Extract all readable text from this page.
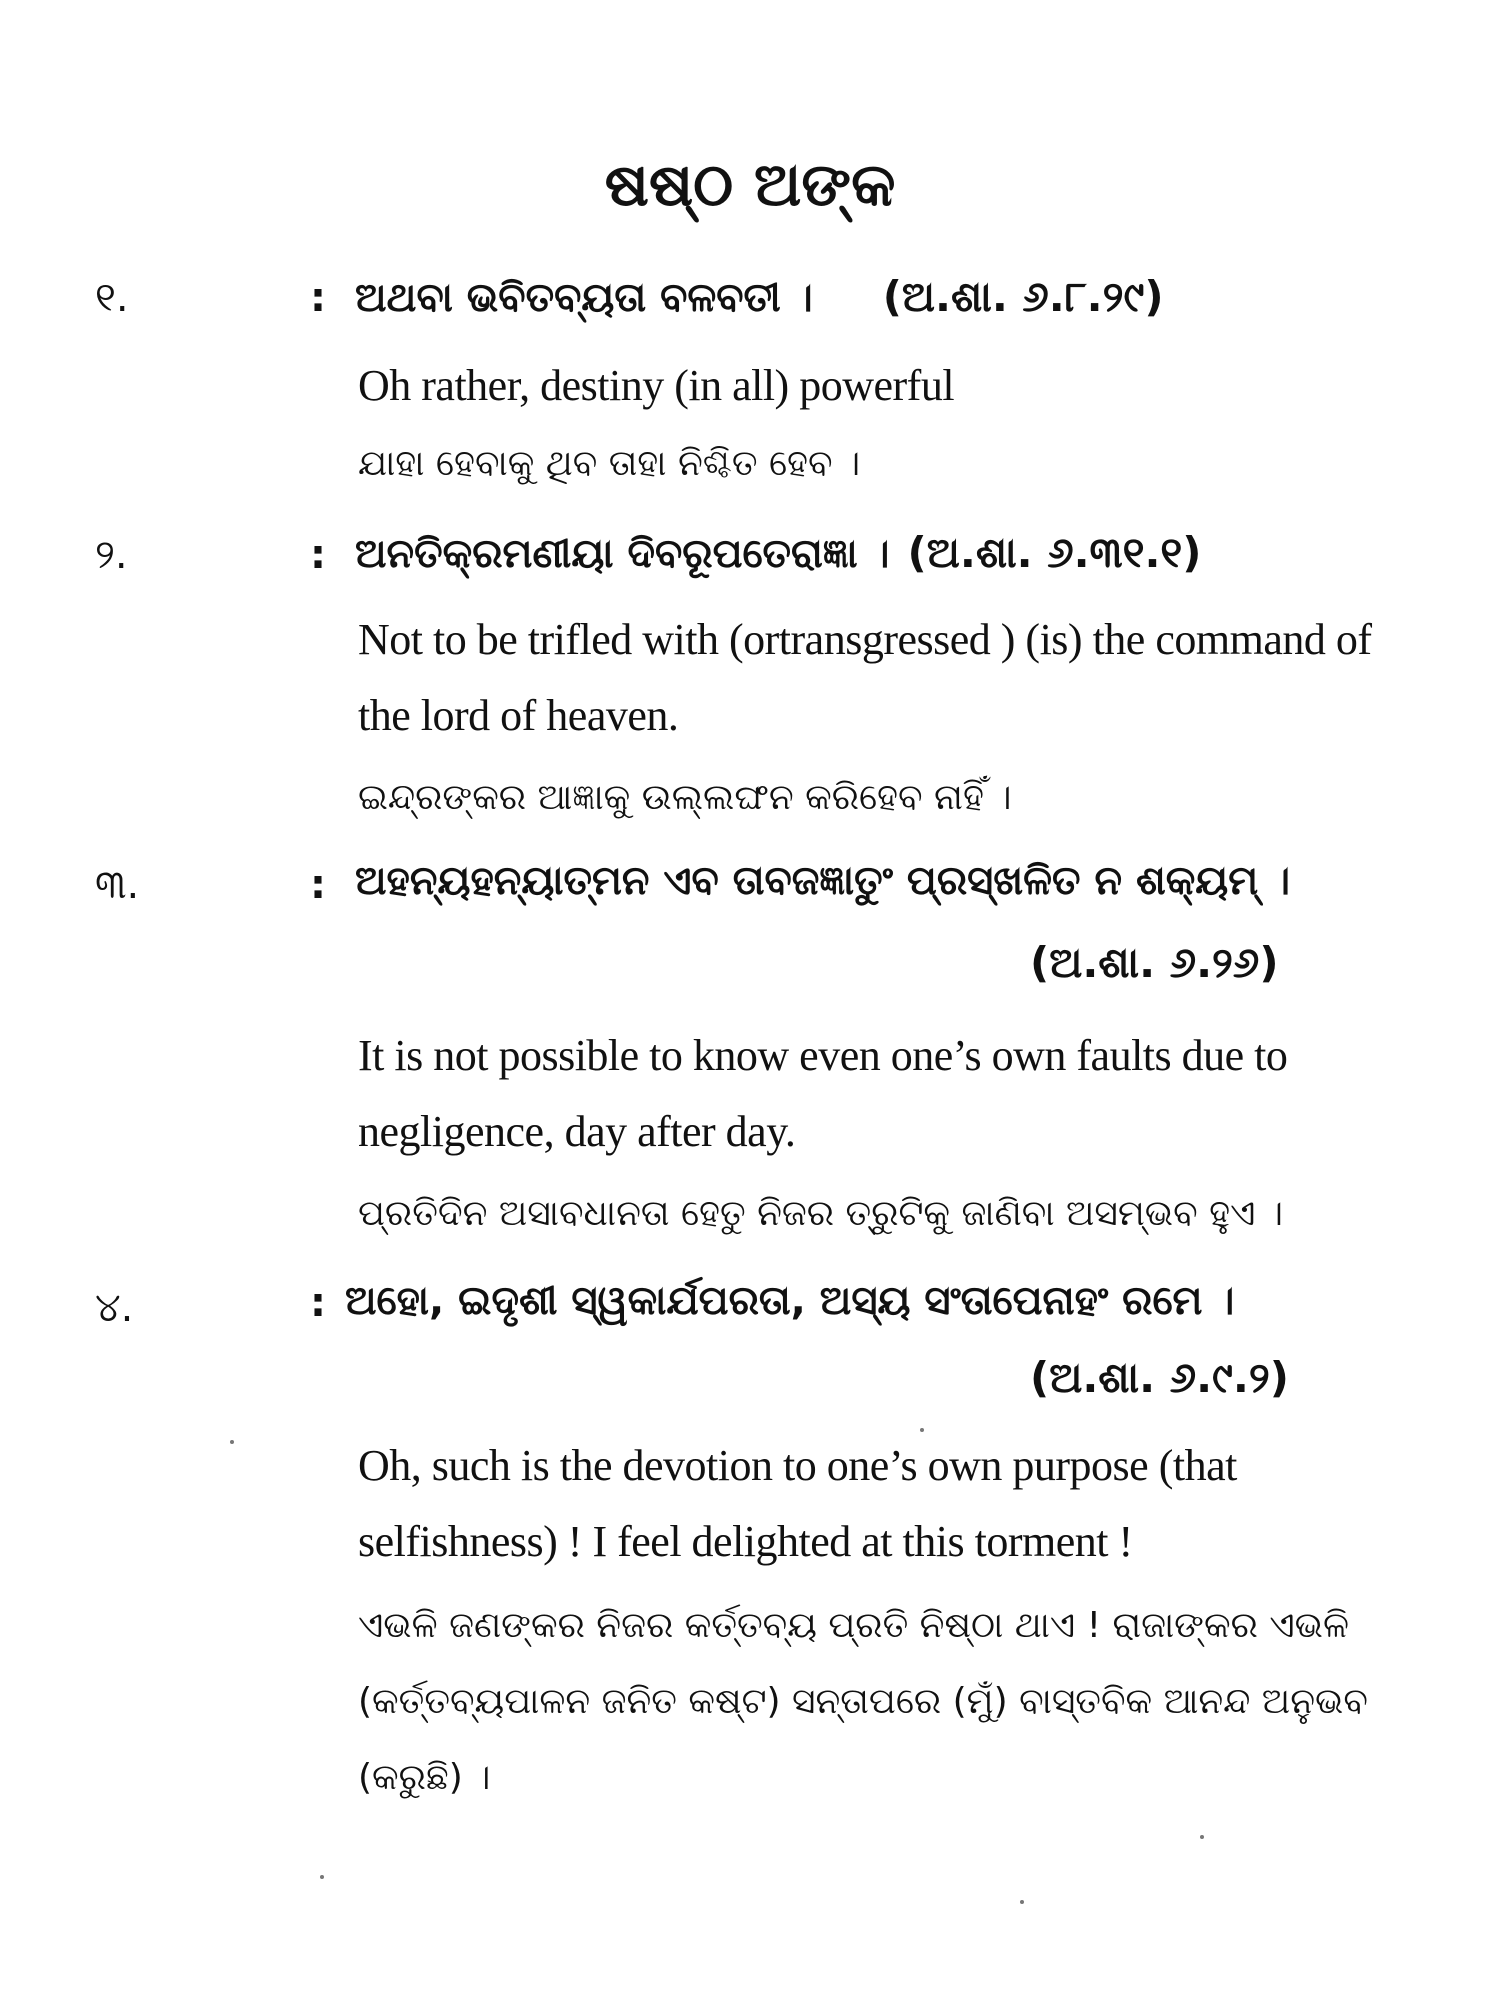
ଷଷ୍ଠ ଅଙ୍କ
୧.	: ଅଥବା ଭବିତବ୍ୟତା ବଳବତୀ । (ଅ.ଶା. ୬.୮.୨୯)
Oh rather, destiny (in all) powerful
ଯାହା ହେବାକୁ ଥିବ ତାହା ନିଶ୍ଚିତ ହେବ ।
୨.	: ଅନତିକ୍ରମଣୀୟା ଦିବରୂପତେରାଜ୍ଞା । (ଅ.ଶା. ୬.୩୧.୧)
Not to be trifled with (ortransgressed ) (is) the command of the lord of heaven.
ଇନ୍ଦ୍ରଙ୍କର ଆଜ୍ଞାକୁ ଉଲ୍ଲଙ୍ଘନ କରିହେବ ନାହିଁ ।
୩.	: ଅହନ୍ୟହନ୍ୟାତ୍ମନ ଏବ ତାବଜଜ୍ଞାତୁଂ ପ୍ରସ୍ଖଳିତ ନ ଶକ୍ୟମ୍ ।
(ଅ.ଶା. ୬.୨୬)
It is not possible to know even one’s own faults due to negligence, day after day.
ପ୍ରତିଦିନ ଅସାବଧାନତା ହେତୁ ନିଜର ତ୍ରୁଟିକୁ ଜାଣିବା ଅସମ୍ଭବ ହୁଏ ।
୪.	: ଅହୋ, ଇଦୃଶୀ ସ୍ୱକାର୍ଯପରତା, ଅସ୍ୟ ସଂତାପେନାହଂ ରମେ ।
(ଅ.ଶା. ୬.୯.୨)
Oh, such is the devotion to one’s own purpose (that selfishness) ! I feel delighted at this torment !
ଏଭଳି ଜଣଙ୍କର ନିଜର କର୍ତ୍ତବ୍ୟ ପ୍ରତି ନିଷ୍ଠା ଥାଏ ! ରାଜାଙ୍କର ଏଭଳି (କର୍ତ୍ତବ୍ୟପାଳନ ଜନିତ କଷ୍ଟ) ସନ୍ତାପରେ (ମୁଁ) ବାସ୍ତବିକ ଆନନ୍ଦ ଅନୁଭବ (କରୁଛି) ।
